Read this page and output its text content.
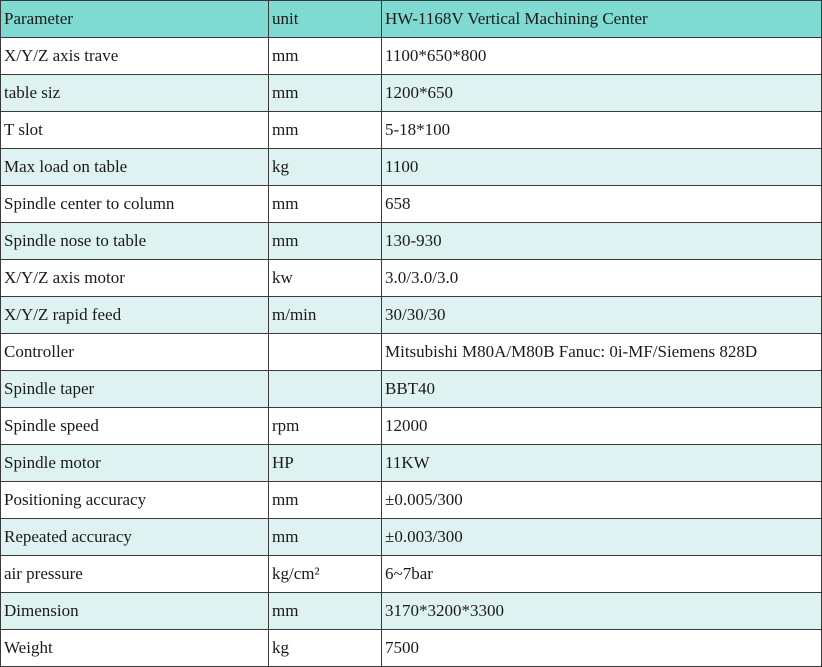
Parameter	unit	HW-1168V Vertical Machining Center
X/Y/Z axis trave	mm	1100*650*800
table siz	mm	1200*650
T slot	mm	5-18*100
Max load on table	kg	1100
Spindle center to column	mm	658
Spindle nose to table	mm	130-930
X/Y/Z axis motor	kw	3.0/3.0/3.0
X/Y/Z rapid feed	m/min	30/30/30
Controller		Mitsubishi M80A/M80B Fanuc: 0i-MF/Siemens 828D
Spindle taper		BBT40
Spindle speed	rpm	12000
Spindle motor	HP	11KW
Positioning accuracy	mm	±0.005/300
Repeated accuracy	mm	±0.003/300
air pressure	kg/cm²	6~7bar
Dimension	mm	3170*3200*3300
Weight	kg	7500
